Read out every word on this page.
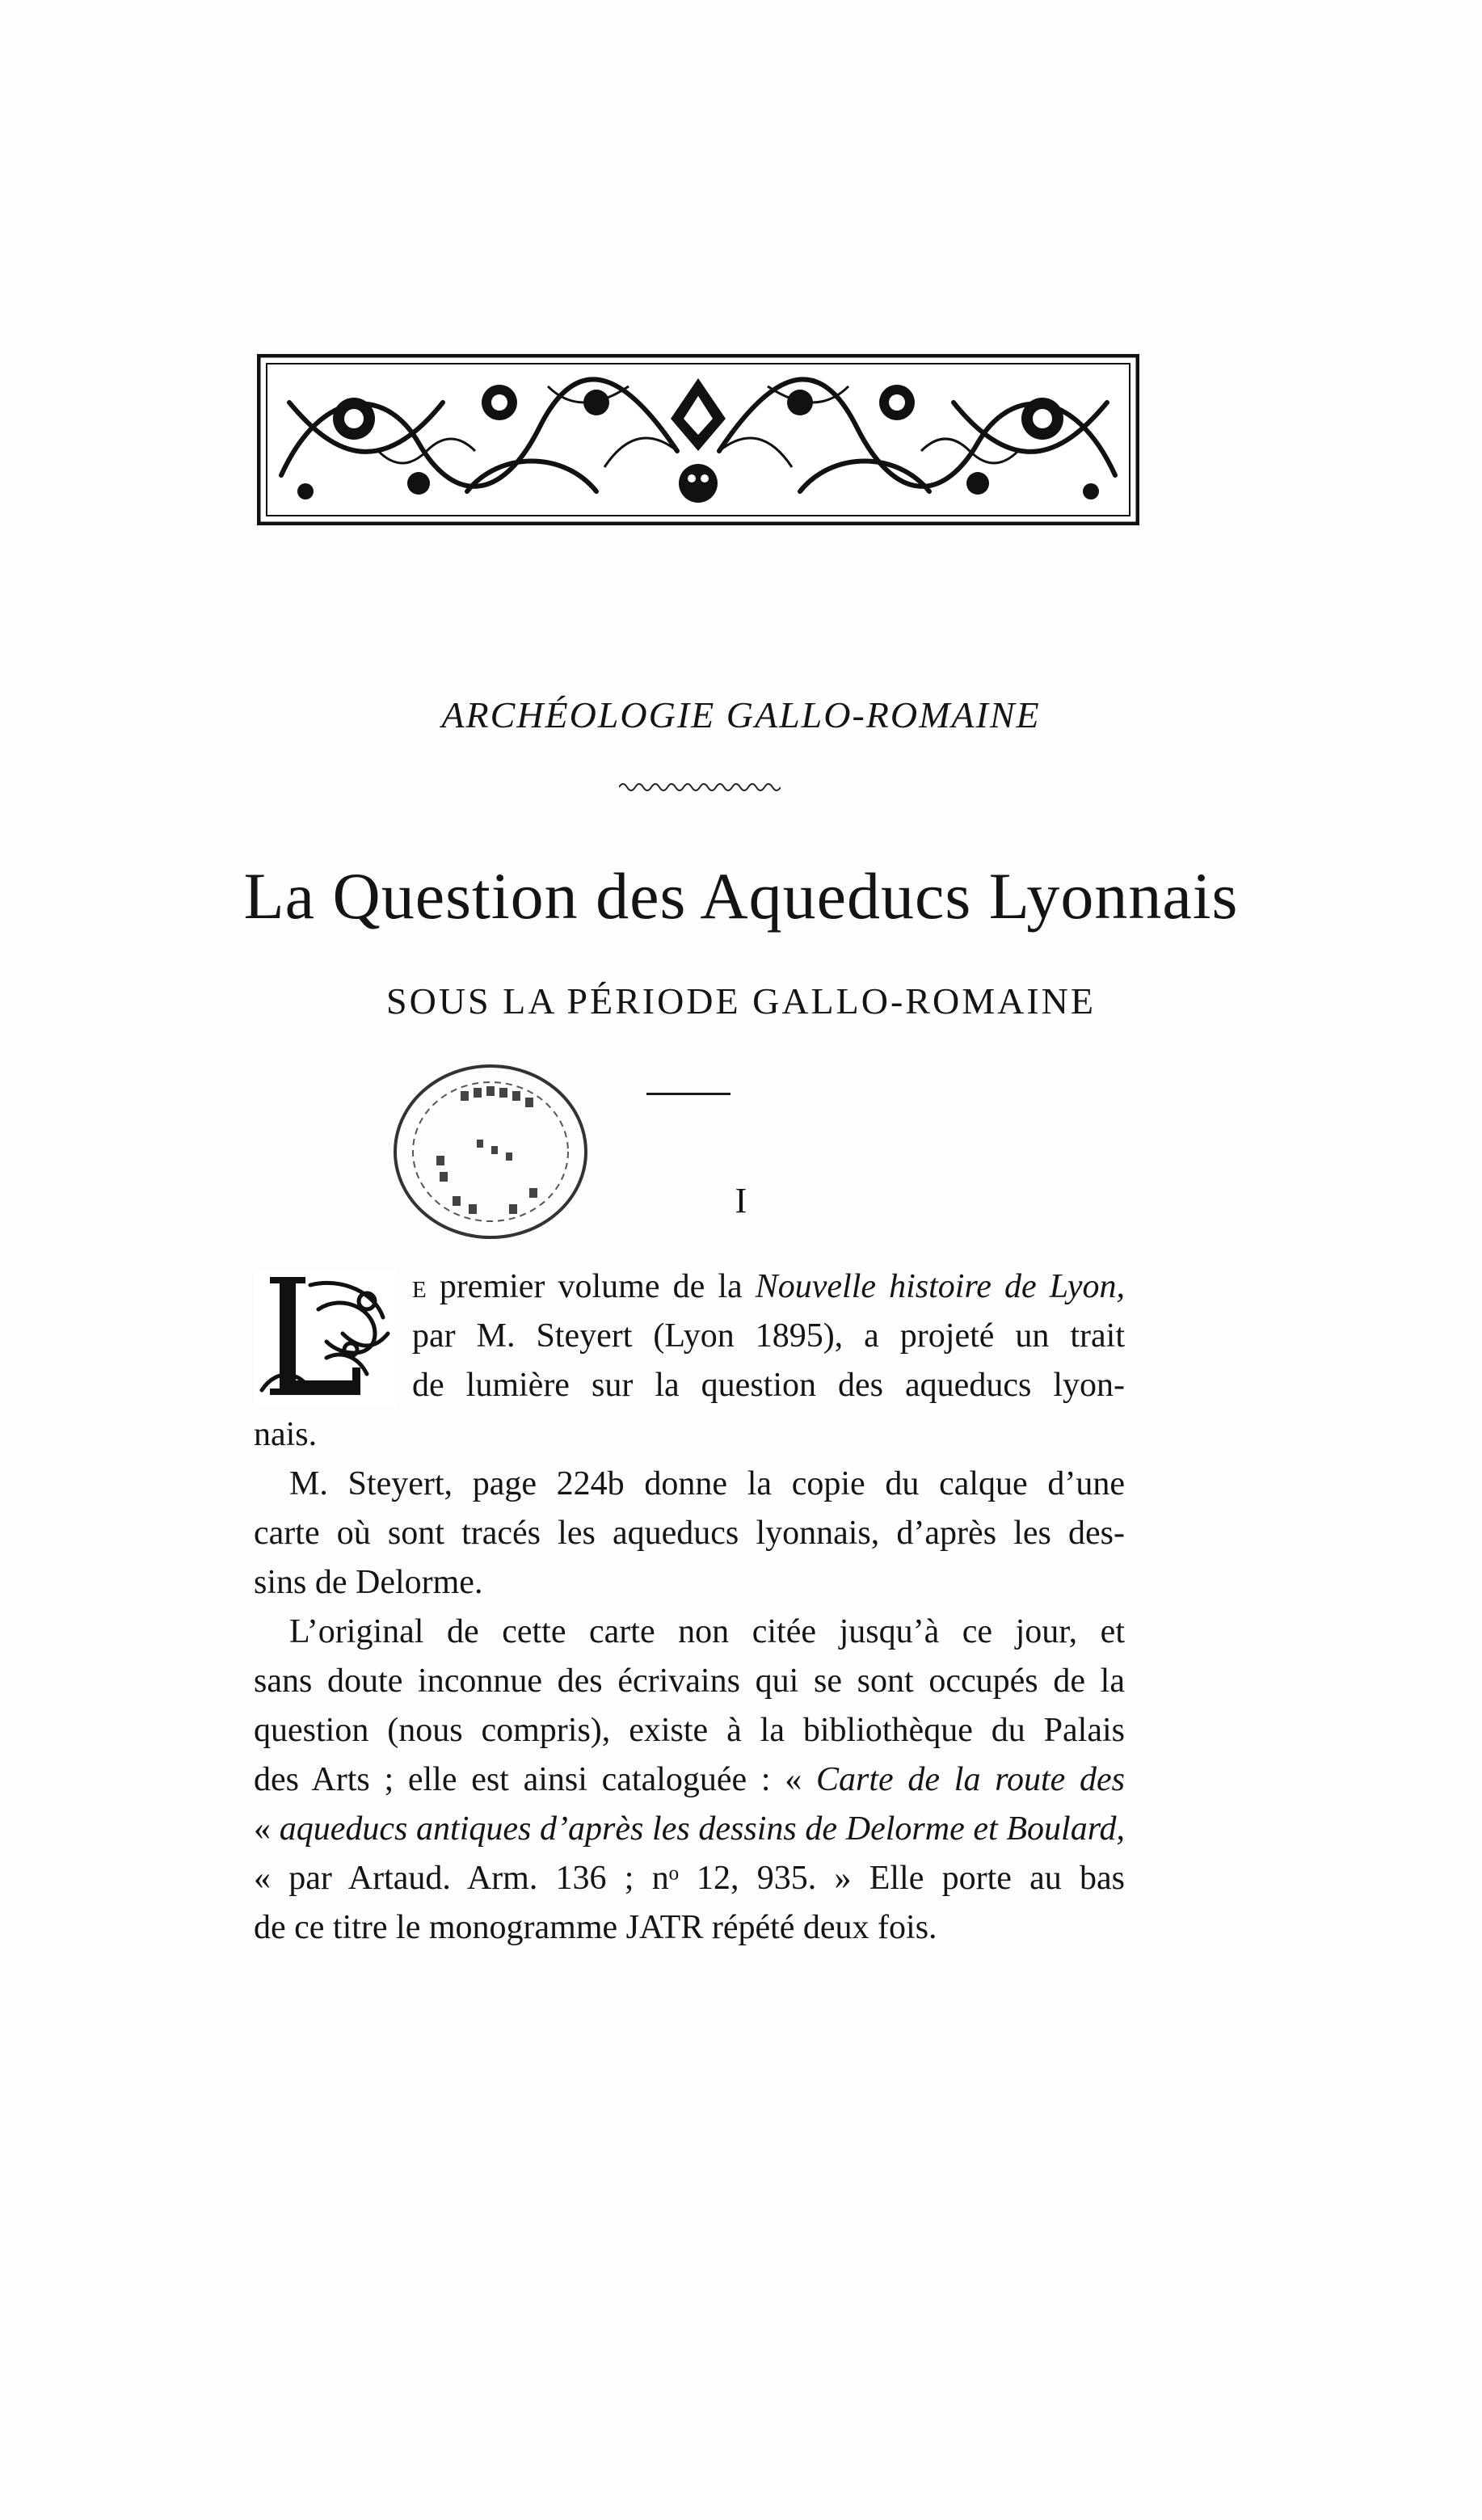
ARCHÉOLOGIE GALLO-ROMAINE
La Question des Aqueducs Lyonnais
SOUS LA PÉRIODE GALLO-ROMAINE
I
e premier volume de la Nouvelle histoire de Lyon,
par M. Steyert (Lyon 1895), a projeté un trait
de lumière sur la question des aqueducs lyon-
nais.
M. Steyert, page 224b donne la copie du calque d’une
carte où sont tracés les aqueducs lyonnais, d’après les des-
sins de Delorme.
L’original de cette carte non citée jusqu’à ce jour, et
sans doute inconnue des écrivains qui se sont occupés de la
question (nous compris), existe à la bibliothèque du Palais
des Arts ; elle est ainsi cataloguée : « Carte de la route des
« aqueducs antiques d’après les dessins de Delorme et Boulard,
« par Artaud. Arm. 136 ; nᵒ 12, 935. » Elle porte au bas
de ce titre le monogramme JATR répété deux fois.
